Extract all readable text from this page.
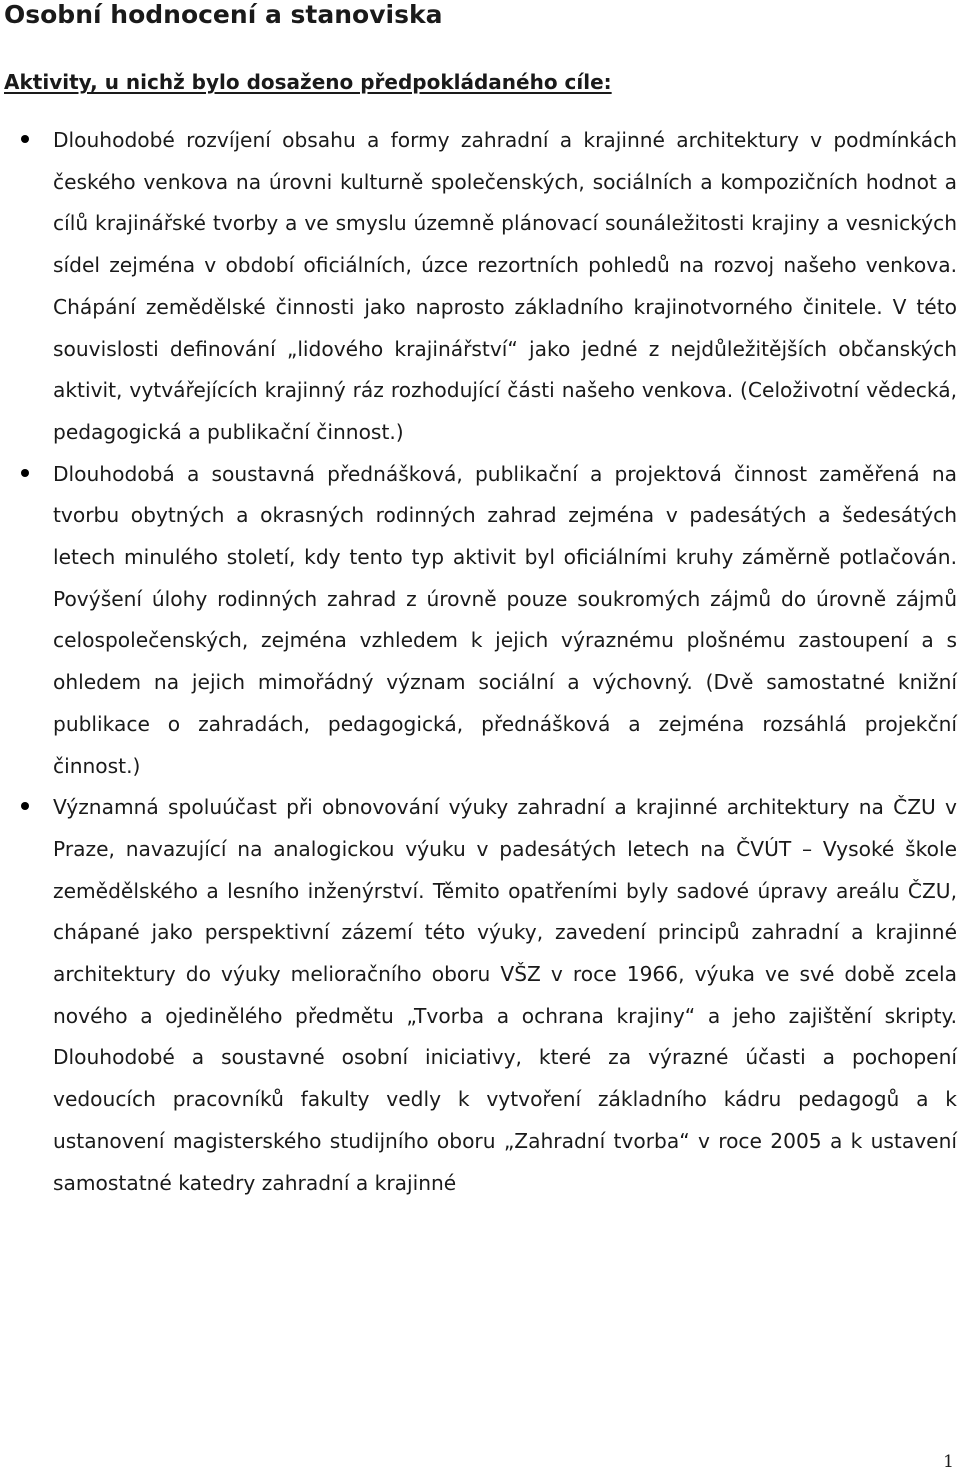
Osobní hodnocení a stanoviska
Aktivity, u nichž bylo dosaženo předpokládaného cíle:
Dlouhodobé rozvíjení obsahu a formy zahradní a krajinné architektury v podmínkách českého venkova na úrovni kulturně společenských, sociálních a kompozičních hodnot a cílů krajinářské tvorby a ve smyslu územně plánovací sounáležitosti krajiny a vesnických sídel zejména v období oficiálních, úzce rezortních pohledů na rozvoj našeho venkova. Chápání zemědělské činnosti jako naprosto základního krajinotvorného činitele. V této souvislosti definování „lidového krajinářství“ jako jedné z nejdůležitějších občanských aktivit, vytvářejících krajinný ráz rozhodující části našeho venkova. (Celoživotní vědecká, pedagogická a publikační činnost.)
Dlouhodobá a soustavná přednášková, publikační a projektová činnost zaměřená na tvorbu obytných a okrasných rodinných zahrad zejména v padesátých a šedesátých letech minulého století, kdy tento typ aktivit byl oficiálními kruhy záměrně potlačován. Povýšení úlohy rodinných zahrad z úrovně pouze soukromých zájmů do úrovně zájmů celospolečenských, zejména vzhledem k jejich výraznému plošnému zastoupení a s ohledem na jejich mimořádný význam sociální a výchovný. (Dvě samostatné knižní publikace o zahradách, pedagogická, přednášková a zejména rozsáhlá projekční činnost.)
Významná spoluúčast při obnovování výuky zahradní a krajinné architektury na ČZU v Praze, navazující na analogickou výuku v padesátých letech na ČVÚT – Vysoké škole zemědělského a lesního inženýrství. Těmito opatřeními byly sadové úpravy areálu ČZU, chápané jako perspektivní zázemí této výuky, zavedení principů zahradní a krajinné architektury do výuky melioračního oboru VŠZ v roce 1966, výuka ve své době zcela nového a ojedinělého předmětu „Tvorba a ochrana krajiny“ a jeho zajištění skripty. Dlouhodobé a soustavné osobní iniciativy, které za výrazné účasti a pochopení vedoucích pracovníků fakulty vedly k vytvoření základního kádru pedagogů a k ustanovení magisterského studijního oboru „Zahradní tvorba“ v roce 2005 a k ustavení samostatné katedry zahradní a krajinné
1
